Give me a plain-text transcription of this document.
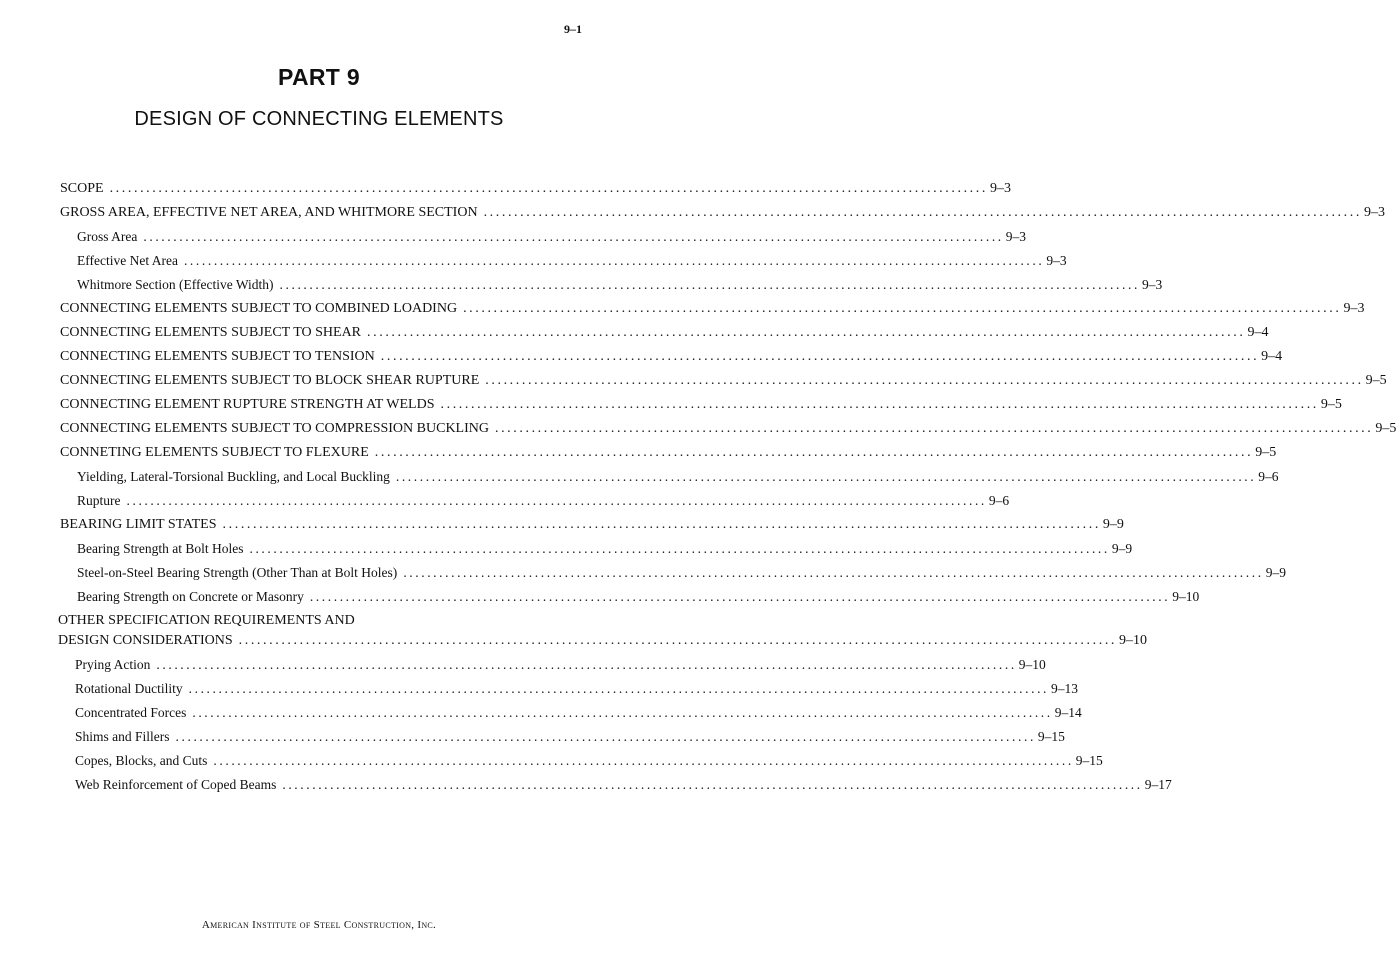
9–1
PART 9
DESIGN OF CONNECTING ELEMENTS
SCOPE ................................................................................................................................................ 9–3
GROSS AREA, EFFECTIVE NET AREA, AND WHITMORE SECTION ................................................................................................................................................ 9–3
Gross Area ................................................................................................................................................ 9–3
Effective Net Area ................................................................................................................................................ 9–3
Whitmore Section (Effective Width) ................................................................................................................................................ 9–3
CONNECTING ELEMENTS SUBJECT TO COMBINED LOADING ................................................................................................................................................ 9–3
CONNECTING ELEMENTS SUBJECT TO SHEAR ................................................................................................................................................ 9–4
CONNECTING ELEMENTS SUBJECT TO TENSION ................................................................................................................................................ 9–4
CONNECTING ELEMENTS SUBJECT TO BLOCK SHEAR RUPTURE ................................................................................................................................................ 9–5
CONNECTING ELEMENT RUPTURE STRENGTH AT WELDS ................................................................................................................................................ 9–5
CONNECTING ELEMENTS SUBJECT TO COMPRESSION BUCKLING ................................................................................................................................................ 9–5
CONNETING ELEMENTS SUBJECT TO FLEXURE ................................................................................................................................................ 9–5
Yielding, Lateral-Torsional Buckling, and Local Buckling ................................................................................................................................................ 9–6
Rupture ................................................................................................................................................ 9–6
BEARING LIMIT STATES ................................................................................................................................................ 9–9
Bearing Strength at Bolt Holes ................................................................................................................................................ 9–9
Steel-on-Steel Bearing Strength (Other Than at Bolt Holes) ................................................................................................................................................ 9–9
Bearing Strength on Concrete or Masonry ................................................................................................................................................ 9–10
OTHER SPECIFICATION REQUIREMENTS AND
DESIGN CONSIDERATIONS ................................................................................................................................................ 9–10
Prying Action ................................................................................................................................................ 9–10
Rotational Ductility ................................................................................................................................................ 9–13
Concentrated Forces ................................................................................................................................................ 9–14
Shims and Fillers ................................................................................................................................................ 9–15
Copes, Blocks, and Cuts ................................................................................................................................................ 9–15
Web Reinforcement of Coped Beams ................................................................................................................................................ 9–17
American Institute of Steel Construction, Inc.
